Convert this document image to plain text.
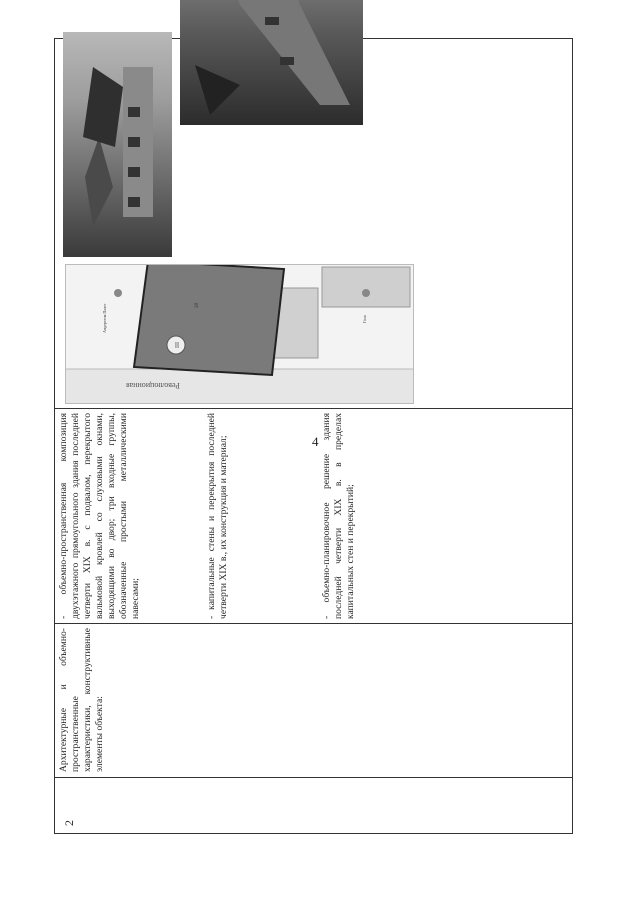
4
2
Архитектурные и объемно-пространственные характеристики, конструктивные элементы объекта:
- объемно-пространственная композиция двухэтажного прямоугольного здания последней четверти XIX в. с подвалом, перекрытого вальмовой кровлей со слуховыми окнами, выходящими во двор; три входные группы, обозначенные простыми металлическими навесами;	- капитальные стены и перекрытия последней четверти XIX в., их конструкция и материал;	- объемно-планировочное решение здания последней четверти XIX в. в пределах капитальных стен и перекрытий;
III
28
Андерсена Пласт	Голя
Революционная
